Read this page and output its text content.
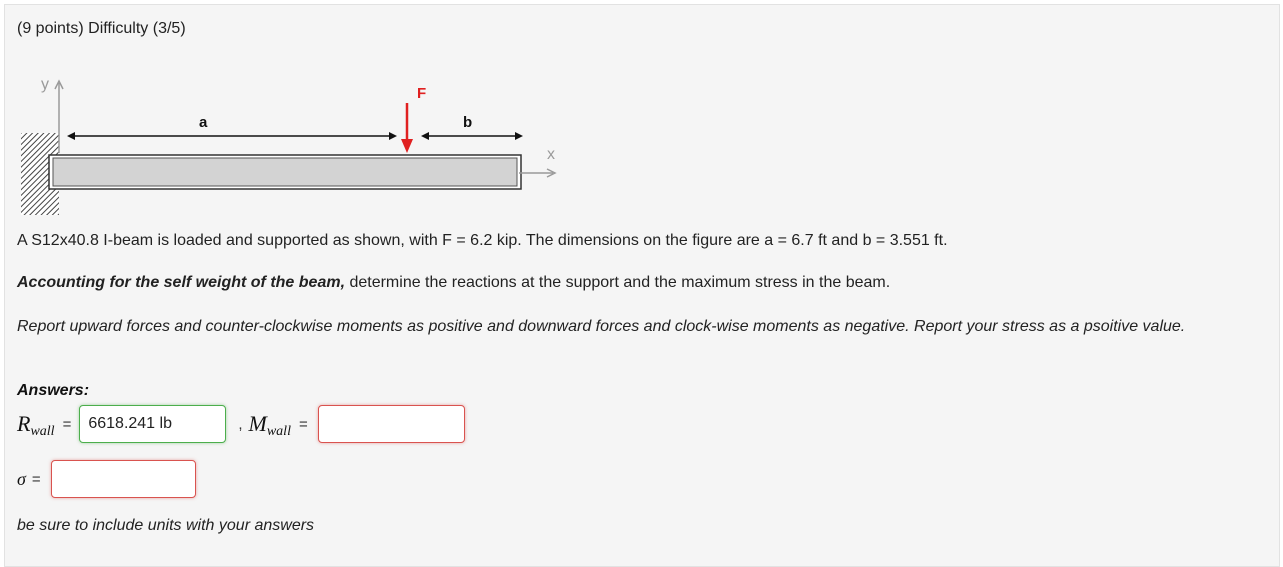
(9 points) Difficulty (3/5)
y
x
a	b
F
A S12x40.8 I-beam is loaded and supported as shown, with F = 6.2 kip. The dimensions on the figure are a = 6.7 ft and b = 3.551 ft.
Accounting for the self weight of the beam, determine the reactions at the support and the maximum stress in the beam.
Report upward forces and counter-clockwise moments as positive and downward forces and clock-wise moments as negative. Report your stress as a psoitive value.
Answers:
Rwall =	6618.241 lb	, Mwall =
σ =
be sure to include units with your answers
